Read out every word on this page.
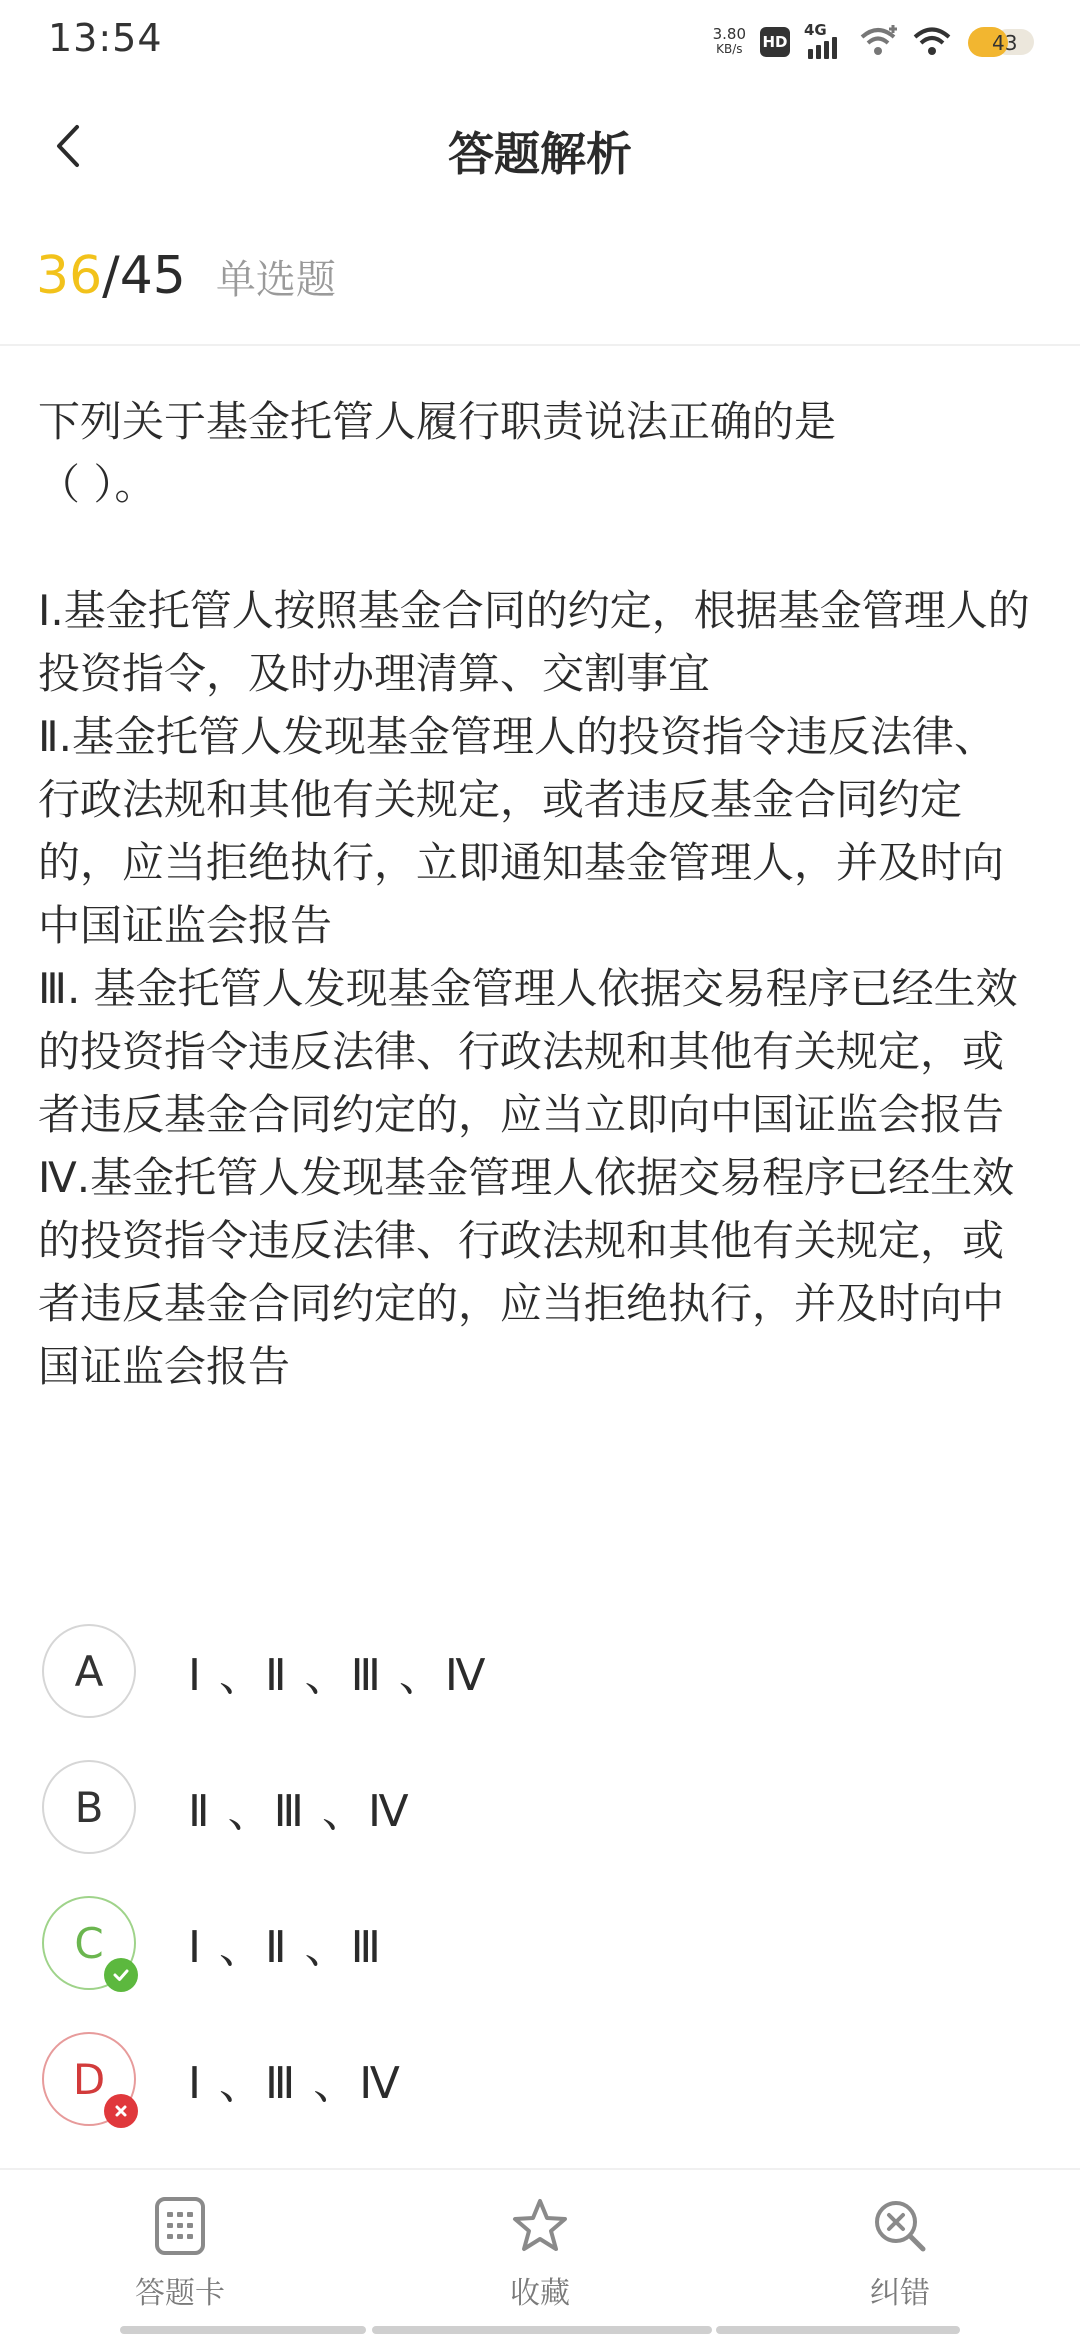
13:54	3.80
KB/s HD
4G
43
答题解析
36 / 45 单选题

下列关于基金托管人履行职责说法正确的是

（ ）。

Ⅰ.基金托管人按照基金合同的约定，根据基金管理人的投资指令，及时办理清算、交割事宜

Ⅱ.基金托管人发现基金管理人的投资指令违反法律、行政法规和其他有关规定，或者违反基金合同约定的，应当拒绝执行，立即通知基金管理人，并及时向中国证监会报告

Ⅲ. 基金托管人发现基金管理人依据交易程序已经生效的投资指令违反法律、行政法规和其他有关规定，或者违反基金合同约定的，应当立即向中国证监会报告

Ⅳ.基金托管人发现基金管理人依据交易程序已经生效的投资指令违反法律、行政法规和其他有关规定，或者违反基金合同约定的，应当拒绝执行，并及时向中国证监会报告

A	Ⅰ 、Ⅱ 、Ⅲ 、Ⅳ
B	Ⅱ 、Ⅲ 、Ⅳ
C Ⅰ 、Ⅱ 、Ⅲ
D Ⅰ 、Ⅲ 、Ⅳ
答题卡	收藏	纠错
